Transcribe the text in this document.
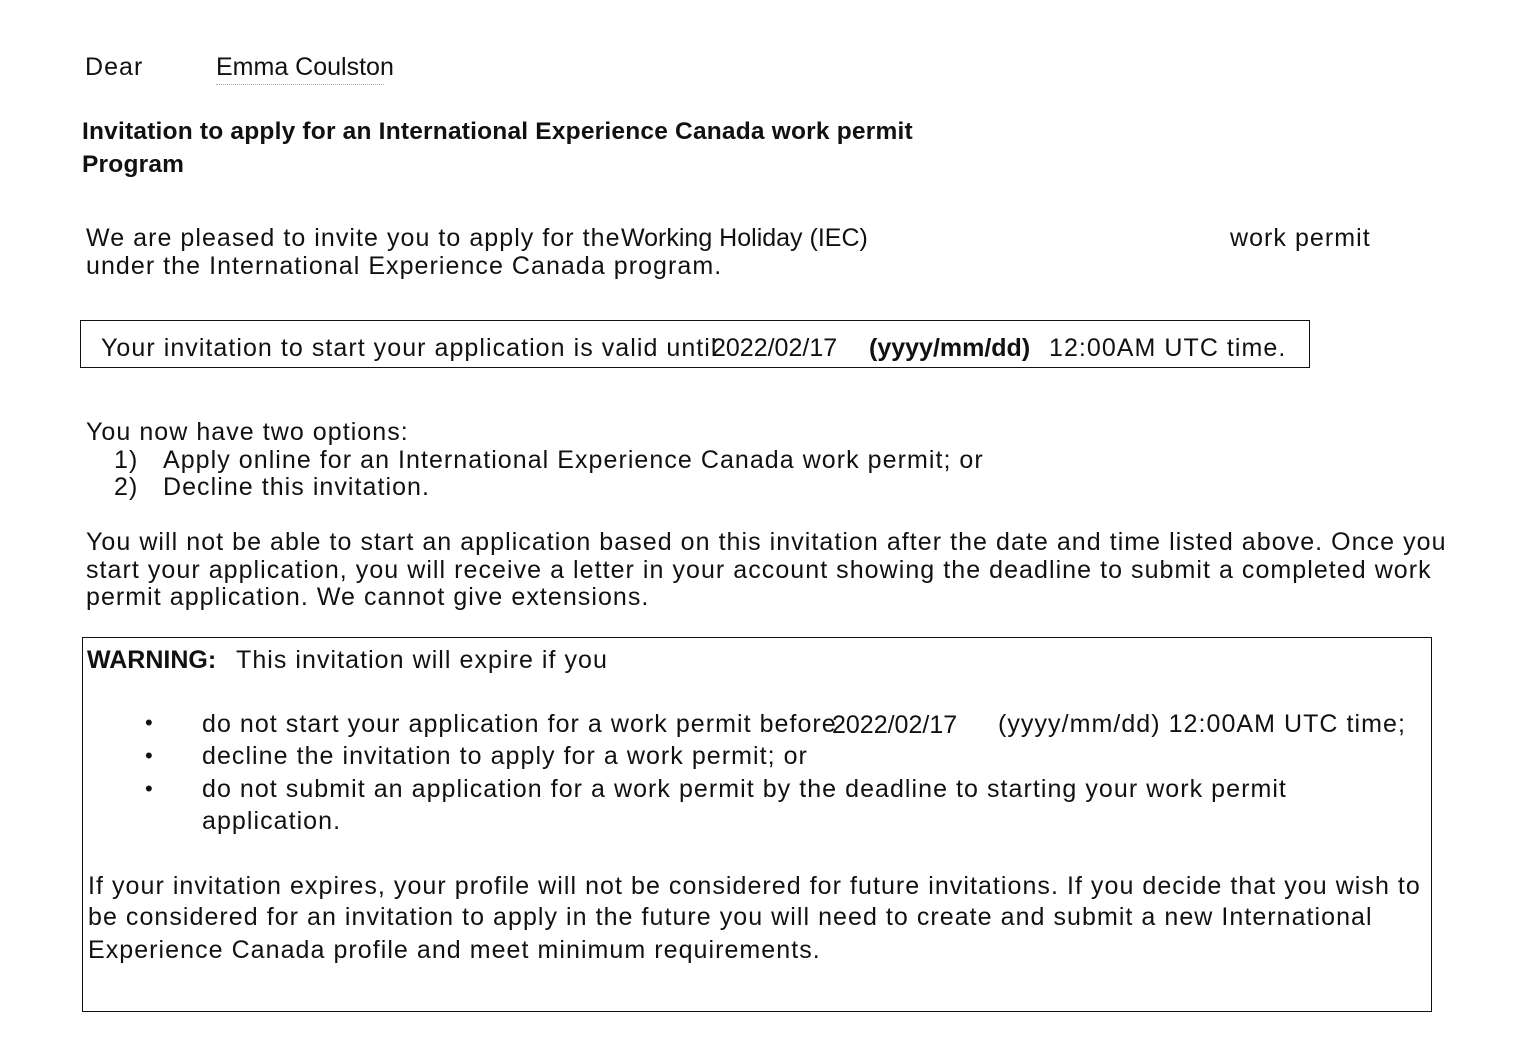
Dear	Emma Coulston
Invitation to apply for an International Experience Canada work permit
Program
We are pleased to invite you to apply for the Working Holiday (IEC)	work permit
under the International Experience Canada program.
Your invitation to start your application is valid until
2022/02/17 (yyyy/mm/dd) 12:00AM UTC time.
You now have two options:
1) Apply online for an International Experience Canada work permit; or
2) Decline this invitation.
You will not be able to start an application based on this invitation after the date and time listed above. Once you
start your application, you will receive a letter in your account showing the deadline to submit a completed work
permit application. We cannot give extensions.
WARNING: This invitation will expire if you
• do not start your application for a work permit before
2022/02/17 (yyyy/mm/dd) 12:00AM UTC time;
• decline the invitation to apply for a work permit; or
• do not submit an application for a work permit by the deadline to starting your work permit
application.
If your invitation expires, your profile will not be considered for future invitations. If you decide that you wish to
be considered for an invitation to apply in the future you will need to create and submit a new International
Experience Canada profile and meet minimum requirements.
